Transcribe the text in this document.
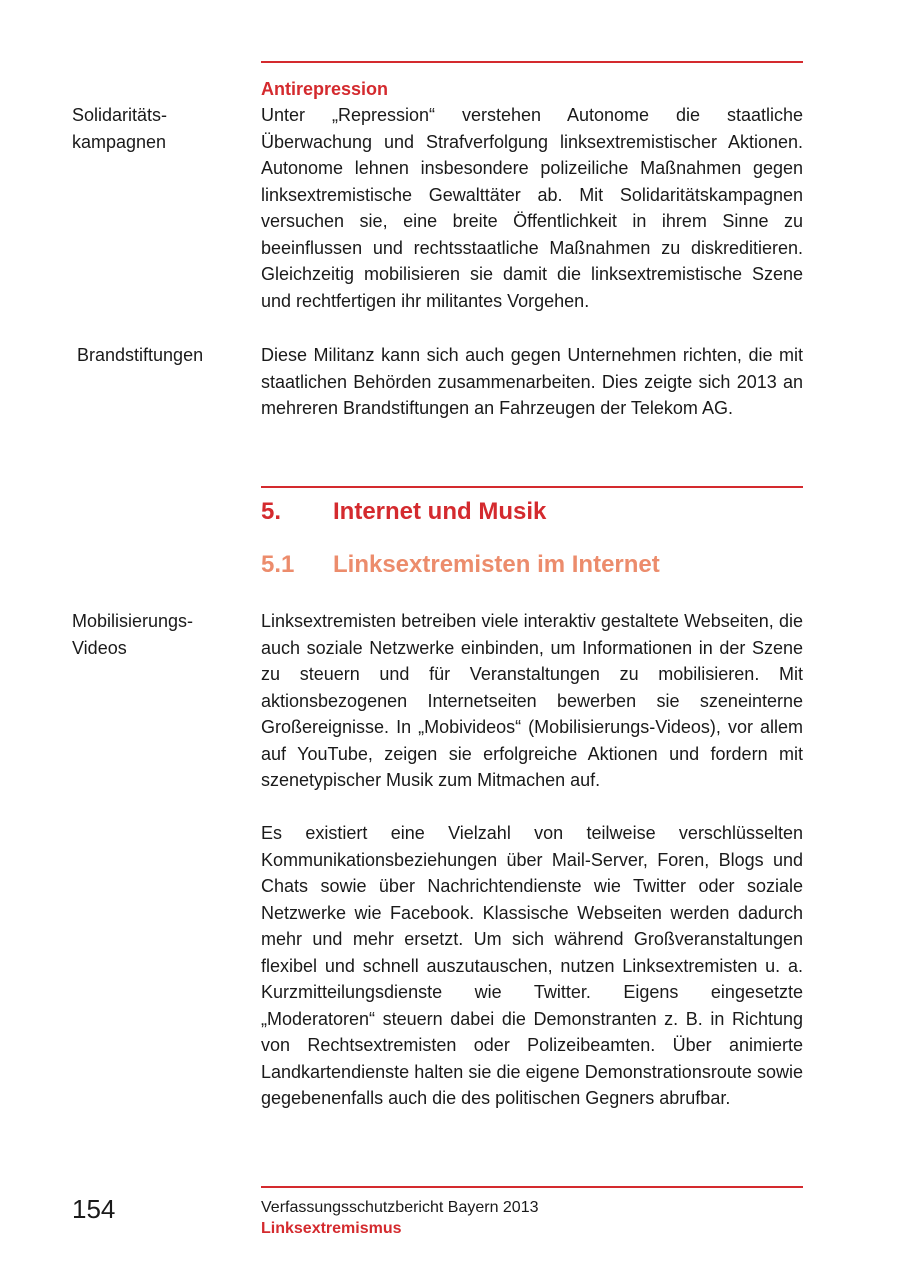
Antirepression
Solidaritäts-
kampagnen

Unter „Repression“ verstehen Autonome die staatliche Überwachung und Strafverfolgung linksextremistischer Aktionen. Autonome lehnen insbesondere polizeiliche Maßnahmen gegen linksextremistische Gewalttäter ab. Mit Solidaritätskampagnen versuchen sie, eine breite Öffentlichkeit in ihrem Sinne zu beeinflussen und rechtsstaatliche Maßnahmen zu diskreditieren. Gleichzeitig mobilisieren sie damit die linksextremistische Szene und rechtfertigen ihr militantes Vorgehen.

Brandstiftungen	Diese Militanz kann sich auch gegen Unternehmen richten, die mit staatlichen Behörden zusammenarbeiten. Dies zeigte sich 2013 an mehreren Brandstiftungen an Fahrzeugen der Telekom AG.

5. Internet und Musik
5.1 Linksextremisten im Internet
Mobilisierungs-
Videos

Linksextremisten betreiben viele interaktiv gestaltete Webseiten, die auch soziale Netzwerke einbinden, um Informationen in der Szene zu steuern und für Veranstaltungen zu mobilisieren. Mit aktionsbezogenen Internetseiten bewerben sie szeneinterne Großereignisse. In „Mobivideos“ (Mobilisierungs-Videos), vor allem auf YouTube, zeigen sie erfolgreiche Aktionen und fordern mit szenetypischer Musik zum Mitmachen auf.

Es existiert eine Vielzahl von teilweise verschlüsselten Kommunikationsbeziehungen über Mail-Server, Foren, Blogs und Chats sowie über Nachrichtendienste wie Twitter oder soziale Netzwerke wie Facebook. Klassische Webseiten werden dadurch mehr und mehr ersetzt. Um sich während Großveranstaltungen flexibel und schnell auszutauschen, nutzen Linksextremisten u. a. Kurzmitteilungsdienste wie Twitter. Eigens eingesetzte „Moderatoren“ steuern dabei die Demonstranten z. B. in Richtung von Rechtsextremisten oder Polizeibeamten. Über animierte Landkartendienste halten sie die eigene Demonstrationsroute sowie gegebenenfalls auch die des politischen Gegners abrufbar.

154	Verfassungsschutzbericht Bayern 2013
Linksextremismus
